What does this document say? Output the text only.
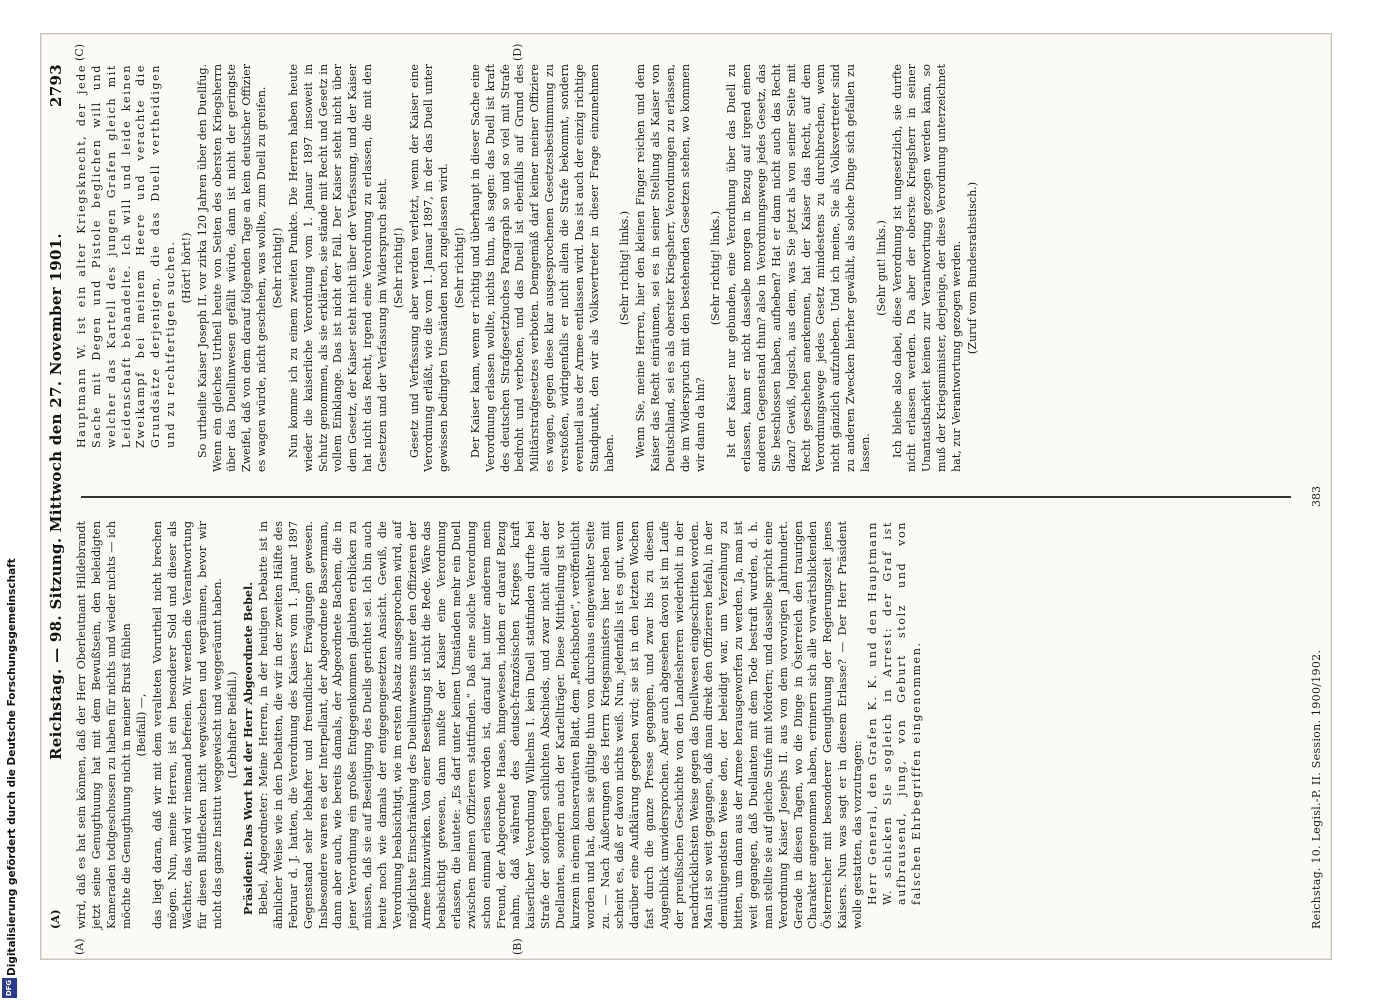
(A)
Reichstag. — 98. Sitzung. Mittwoch den 27. November 1901.
2793
(B)
(C)	(D)

wird, daß es hat sein können, daß der Herr Oberleutnant Hildebrandt jetzt seine Genugthuung hat mit dem Bewußtsein, den beleidigten Kameraden todtgeschossen zu haben für nichts und wieder nichts — ich möchte die Genugthuung nicht in meiner Brust fühlen (Beifall) —, das liegt daran, daß wir mit dem veralteten Vorurtheil nicht brechen mögen. Nun, meine Herren, ist ein besonderer Sold und dieser als Wächter, das wird wir niemand befreien. Wir werden die Verantwortung für diesen Blutflecken nicht wegwischen und wegräumen, bevor wir nicht das ganze Institut weggewischt und weggeräumt haben. (Lebhafter Beifall.) Präsident: Das Wort hat der Herr Abgeordnete Bebel. Bebel, Abgeordneter: Meine Herren, in der heutigen Debatte ist in ähnlicher Weise wie in den Debatten, die wir in der zweiten Hälfte des Februar d. J. hatten, die Verordnung des Kaisers vom 1. Januar 1897 Gegenstand sehr lebhafter und freundlicher Erwägungen gewesen. Insbesondere waren es der Interpellant, der Abgeordnete Bassermann, dann aber auch, wie bereits damals, der Abgeordnete Bachem, die in jener Verordnung ein großes Entgegenkommen glaubten erblicken zu müssen, daß sie auf Beseitigung des Duells gerichtet sei. Ich bin auch heute noch wie damals der entgegengesetzten Ansicht. Gewiß, die Verordnung beabsichtigt, wie im ersten Absatz ausgesprochen wird, auf möglichste Einschränkung des Duellunwesens unter den Offizieren der Armee hinzuwirken. Von einer Beseitigung ist nicht die Rede. Wäre das beabsichtigt gewesen, dann mußte der Kaiser eine Verordnung erlassen, die lautete: „Es darf unter keinen Umständen mehr ein Duell zwischen meinen Offizieren stattfinden.“ Daß eine solche Verordnung schon einmal erlassen worden ist, darauf hat unter anderem mein Freund, der Abgeordnete Haase, hingewiesen, indem er darauf Bezug nahm, daß während des deutsch-französischen Krieges kraft kaiserlicher Verordnung Wilhelms I. kein Duell stattfinden durfte bei Strafe der sofortigen schlichten Abschieds, und zwar nicht allein der Duellanten, sondern auch der Kartellträger. Diese Mittheilung ist vor kurzem in einem konservativen Blatt, dem „Reichsboten“, veröffentlicht worden und hat, dem sie gültige thun von durchaus eingeweihter Seite zu. — Nach Äußerungen des Herrn Kriegsministers hier neben mit scheint es, daß er davon nichts weiß. Nun, jedenfalls ist es gut, wenn darüber eine Aufklärung gegeben wird; sie ist in den letzten Wochen fast durch die ganze Presse gegangen, und zwar bis zu diesem Augenblick unwidersprochen. Aber auch abgesehen davon ist im Laufe der preußischen Geschichte von den Landesherren wiederholt in der nachdrücklichsten Weise gegen das Duellwesen eingeschritten worden. Man ist so weit gegangen, daß man direkt den Offizieren befahl, in der demüthigendsten Weise den, der beleidigt war, um Verzeihung zu bitten, um dann aus der Armee herausgeworfen zu werden. Ja, man ist weit gegangen, daß Duellanten mit dem Tode bestraft wurden, d. h. man stellte sie auf gleiche Stufe mit Mördern; und dasselbe spricht eine Verordnung Kaiser Josephs II. aus von dem vorvorigen Jahrhundert. Gerade in diesen Tagen, wo die Dinge in Österreich den traurigen Charakter angenommen haben, erinnern sich alle vorwärtsblickenden Österreicher mit besonderer Genugthuung der Regierungszeit jenes Kaisers. Nun was sagt er in diesem Erlasse? — Der Herr Präsident wolle gestatten, das vorzutragen: Herr General, den Grafen K. K. und den Hauptmann W. schicken Sie sogleich in Arrest: der Graf ist aufbrausend, jung, von Geburt stolz und von falschen Ehrbegriffen eingenommen.

Hauptmann W. ist ein alter Kriegsknecht, der jede Sache mit Degen und Pistole beglichen will und welcher das Kartell des jungen Grafen gleich mit Leidenschaft behandelte. Ich will und leide keinen Zweikampf bei meinem Heere und verachte die Grundsätze derjenigen, die das Duell vertheidigen und zu rechtfertigen suchen. (Hört! hört!) So urtheilte Kaiser Joseph II. vor zirka 120 Jahren über den Duellfug. Wenn ein gleiches Urtheil heute von Seiten des obersten Kriegsherrn über das Duellunwesen gefällt würde, dann ist nicht der geringste Zweifel, daß von dem darauf folgenden Tage an kein deutscher Offizier es wagen würde, nicht geschehen, was wollte, zum Duell zu greifen. (Sehr richtig!) Nun komme ich zu einem zweiten Punkte. Die Herren haben heute wieder die kaiserliche Verordnung vom 1. Januar 1897 insoweit in Schutz genommen, als sie erklärten, sie stände mit Recht und Gesetz in vollem Einklange. Das ist nicht der Fall. Der Kaiser steht nicht über dem Gesetz, der Kaiser steht nicht über der Verfassung, und der Kaiser hat nicht das Recht, irgend eine Verordnung zu erlassen, die mit den Gesetzen und der Verfassung im Widerspruch steht. (Sehr richtig!) Gesetz und Verfassung aber werden verletzt, wenn der Kaiser eine Verordnung erläßt, wie die vom 1. Januar 1897, in der das Duell unter gewissen bedingten Umständen noch zugelassen wird. (Sehr richtig!) Der Kaiser kann, wenn er richtig und überhaupt in dieser Sache eine Verordnung erlassen wollte, nichts thun, als sagen: das Duell ist kraft des deutschen Strafgesetzbuches Paragraph so und so viel mit Strafe bedroht und verboten, und das Duell ist ebenfalls auf Grund des Militärstrafgesetzes verboten. Demgemäß darf keiner meiner Offiziere es wagen, gegen diese klar ausgesprochenen Gesetzesbestimmung zu verstoßen, widrigenfalls er nicht allein die Strafe bekommt, sondern eventuell aus der Armee entlassen wird. Das ist auch der einzig richtige Standpunkt, den wir als Volksvertreter in dieser Frage einzunehmen haben.

(Sehr richtig! links.) Wenn Sie, meine Herren, hier den kleinen Finger reichen und dem Kaiser das Recht einräumen, sei es in seiner Stellung als Kaiser von Deutschland, sei es als oberster Kriegsherr, Verordnungen zu erlassen, die im Widerspruch mit den bestehenden Gesetzen stehen, wo kommen wir dann da hin?

(Sehr richtig! links.) Ist der Kaiser nur gebunden, eine Verordnung über das Duell zu erlassen, kann er nicht dasselbe morgen in Bezug auf irgend einen anderen Gegenstand thun? also in Verordnungswege jedes Gesetz, das Sie beschlossen haben, aufheben? Hat er dann nicht auch das Recht dazu? Gewiß, logisch, aus dem, was Sie jetzt als von seiner Seite mit Recht geschehen anerkennen, hat der Kaiser das Recht, auf dem Verordnungswege jedes Gesetz mindestens zu durchbrechen, wenn nicht gänzlich aufzuheben. Und ich meine, Sie als Volksvertreter sind zu anderen Zwecken hierher gewählt, als solche Dinge sich gefallen zu lassen.

(Sehr gut! links.) Ich bleibe also dabei, diese Verordnung ist ungesetzlich, sie durfte nicht erlassen werden. Da aber der oberste Kriegsherr in seiner Unantastbarkeit keinen zur Verantwortung gezogen werden kann, so muß der Kriegsminister, derjenige, der diese Verordnung unterzeichnet hat, zur Verantwortung gezogen werden. (Zuruf vom Bundesrathstisch.)

(A)
Reichstag. 10. Legisl.-P. II. Session. 1900/1902.
383
Digitalisierung gefördert durch die Deutsche Forschungsgemeinschaft
DFG
